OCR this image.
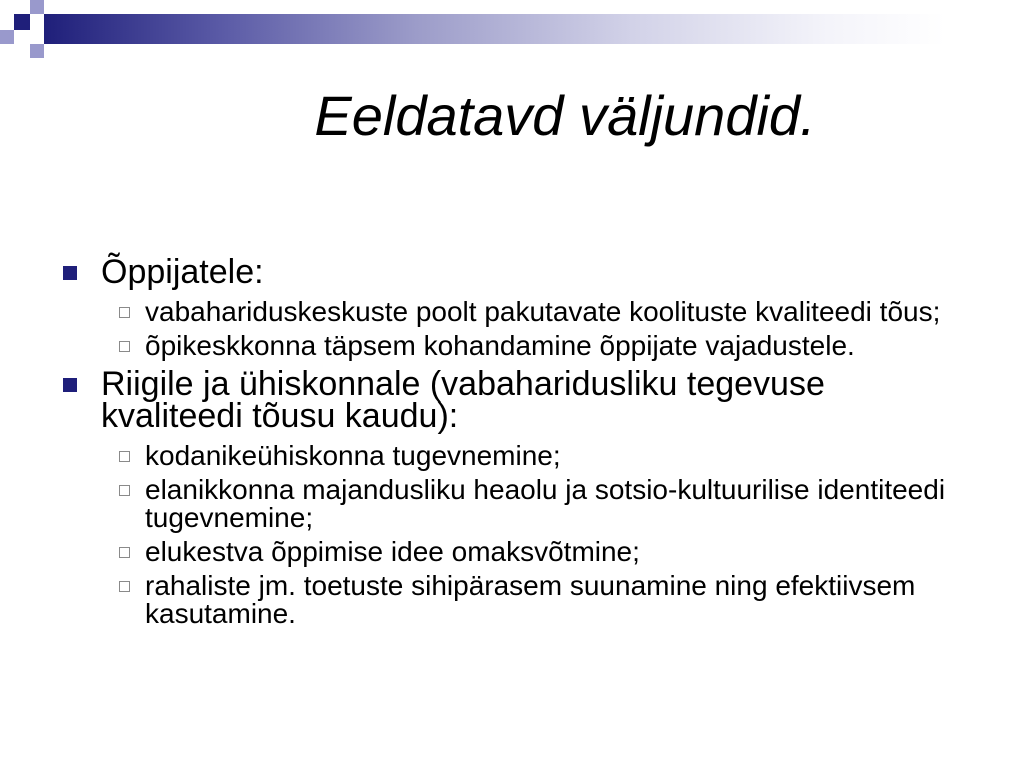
Eeldatavd väljundid.
Õppijatele:
vabahariduskeskuste poolt pakutavate koolituste kvaliteedi tõus;
õpikeskkonna täpsem kohandamine õppijate vajadustele.
Riigile ja ühiskonnale (vabaharidusliku tegevuse kvaliteedi tõusu kaudu):
kodanikeühiskonna tugevnemine;
elanikkonna majandusliku heaolu ja sotsio-kultuurilise identiteedi tugevnemine;
elukestva õppimise idee omaksvõtmine;
rahaliste jm. toetuste sihipärasem suunamine ning efektiivsem kasutamine.
